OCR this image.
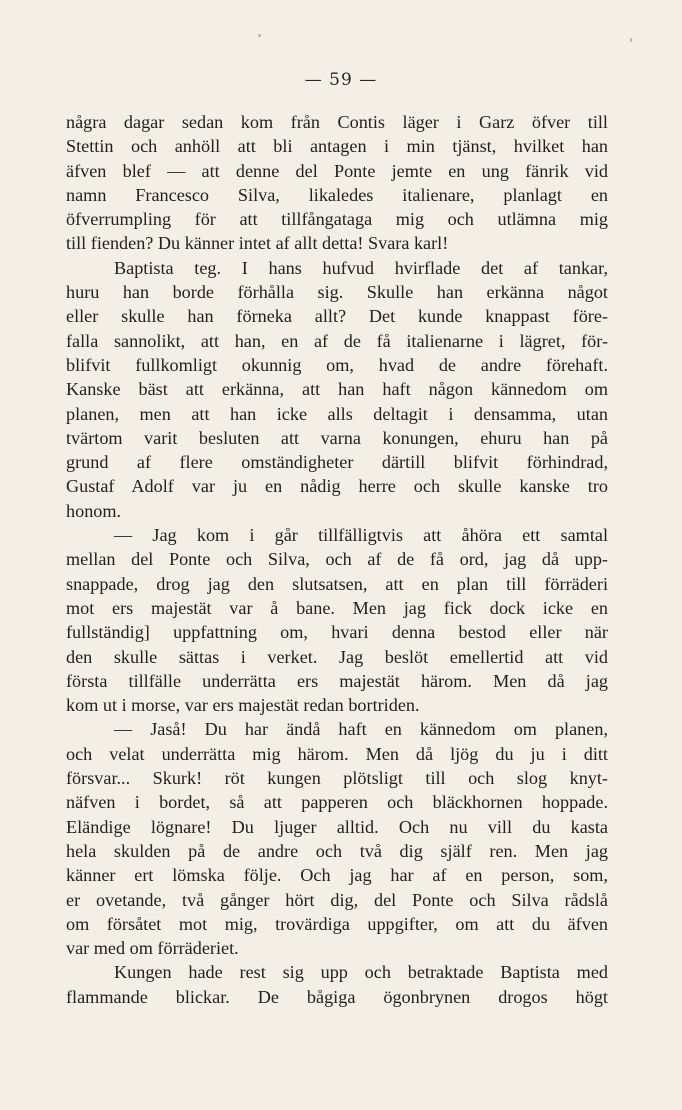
— 59 —
några dagar sedan kom från Contis läger i Garz öfver till
Stettin och anhöll att bli antagen i min tjänst, hvilket han
äfven blef — att denne del Ponte jemte en ung fänrik vid
namn Francesco Silva, likaledes italienare, planlagt en
öfverrumpling för att tillfångataga mig och utlämna mig
till fienden? Du känner intet af allt detta! Svara karl!
Baptista teg. I hans hufvud hvirflade det af tankar,
huru han borde förhålla sig. Skulle han erkänna något
eller skulle han förneka allt? Det kunde knappast före-
falla sannolikt, att han, en af de få italienarne i lägret, för-
blifvit fullkomligt okunnig om, hvad de andre förehaft.
Kanske bäst att erkänna, att han haft någon kännedom om
planen, men att han icke alls deltagit i densamma, utan
tvärtom varit besluten att varna konungen, ehuru han på
grund af flere omständigheter därtill blifvit förhindrad,
Gustaf Adolf var ju en nådig herre och skulle kanske tro
honom.
— Jag kom i går tillfälligtvis att åhöra ett samtal
mellan del Ponte och Silva, och af de få ord, jag då upp-
snappade, drog jag den slutsatsen, att en plan till förräderi
mot ers majestät var å bane. Men jag fick dock icke en
fullständig] uppfattning om, hvari denna bestod eller när
den skulle sättas i verket. Jag beslöt emellertid att vid
första tillfälle underrätta ers majestät härom. Men då jag
kom ut i morse, var ers majestät redan bortriden.
— Jaså! Du har ändå haft en kännedom om planen,
och velat underrätta mig härom. Men då ljög du ju i ditt
försvar... Skurk! röt kungen plötsligt till och slog knyt-
näfven i bordet, så att papperen och bläckhornen hoppade.
Eländige lögnare! Du ljuger alltid. Och nu vill du kasta
hela skulden på de andre och två dig själf ren. Men jag
känner ert lömska följe. Och jag har af en person, som,
er ovetande, två gånger hört dig, del Ponte och Silva rådslå
om försåtet mot mig, trovärdiga uppgifter, om att du äfven
var med om förräderiet.
Kungen hade rest sig upp och betraktade Baptista med
flammande blickar. De bågiga ögonbrynen drogos högt
